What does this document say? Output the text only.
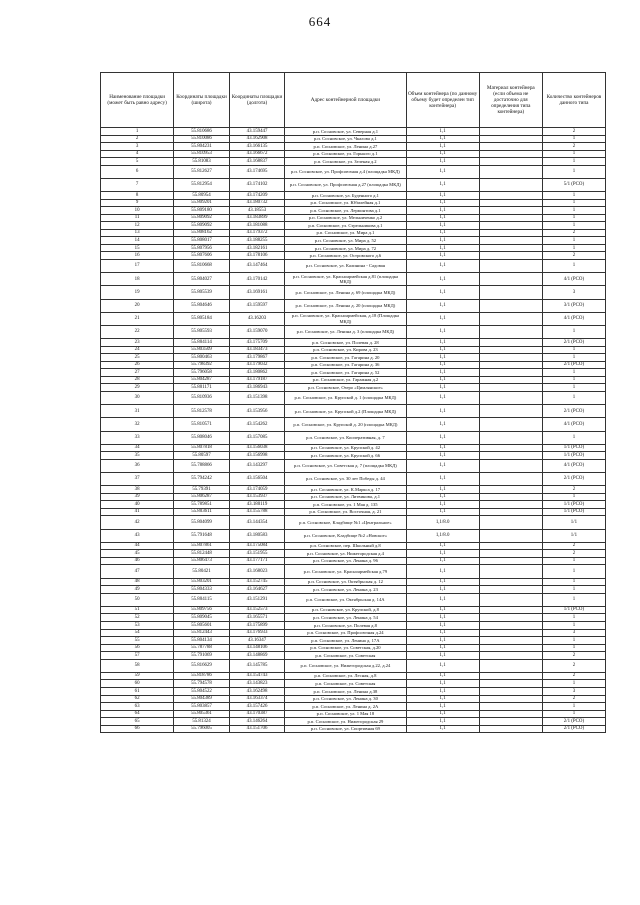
664
Наименование площадки (может быть равно адресу)	Координаты площадки (широта)	Координаты площадки (долгота)	Адрес контейнерной площадки	Объем контейнера (по данному объему будет определен тип контейнера)	Материал контейнера (если объема не достаточно для определения типа контейнера)	Количество контейнеров данного типа
1	55.810686	43.159447	р.п. Сосновское, ул. Северная д.1	1,1		2
2	55.810086	43.162908	р.п. Сосновское, ул. Чкалова д.1	1,1		1
3	55.804231	43.166135	р.п. Сосновское, ул. Ленина д.27	1,1		2
4	55.810953	43.166672	р.п. Сосновское, ул. Горького д.1	1,1		1
5	55.81083	43.168837	р.п. Сосновское, ул. Зеленая д.2	1,1		1
6	55.812627	43.174695	р.п. Сосновское, ул. Профсоюзная д.4 (площадка МКД)	1,1		1
7	55.812954	43.174102	р.п. Сосновское, ул. Профсоюзная д.27 (площадка МКД)	1,1		5/1 (РСО)
8	55.80954	43.174209	р.п. Сосновское, ул. Буденного д.1	1,1		1
9	55.809201	43.180732	р.п. Сосновское, ул. Юбилейная д.1	1,1		1
10	55.809180	43.18553	р.п. Сосновское, ул. Лермонтова д.1	1,1		1
11	55.809092	43.183899	р.п. Сосновское, ул. Мельниченко д.2	1,1		1
12	55.809092	43.181088	р.п. Сосновское, ул. Стрельникова д.1	1,1		1
13	55.808162	43.179372	р.п. Сосновское, ул. Мира д.1	1,1		2
14	55.808017	43.188255	р.п. Сосновское, ул. Мира д. 52	1,1		1
15	55.807956	43.182161	р.п. Сосновское, ул. Мира д. 72	1,1		1
16	55.807606	43.178106	р.п. Сосновское, ул. Островского д.6	1,1		2
17	55.810668	43.147464	р.п. Сосновское, ул. Калинина - Садовая	1,1		1
18	55.804027	43.170142	р.п. Сосновское, ул. Красноармейская д.81 (площадка МКД)	1,1		4/1 (РСО)
19	55.805539	43.169161	р.п. Сосновское, ул. Ленина д. 69 (площадка МКД)	1,1		3
20	55.804646	43.159597	р.п. Сосновское, ул. Ленина д. 20 (площадка МКД)	1,1		3/1 (РСО)
21	55.805184	43.16203	р.п. Сосновское, ул. Красноармейская, д.18 (Площадка МКД)	1,1		4/1 (РСО)
22	55.805593	43.159070	р.п. Сосновское, ул. Ленина д. 3 (площадка МКД)	1,1		1
23	55.804114	43.175709	р.п. Сосновское, ул. Полевая д. 28	1,1		2/1 (РСО)
24	55.803509	43.183473	р.п. Сосновское, ул. Кирова д. 23	1,1		1
25	55.800463	43.179867	р.п. Сосновское, ул. Гагарина д. 20	1,1		1
26	55.798392	43.179032	р.п. Сосновское, ул. Гагарина д. 36	1,1		2/1 (РСО)
27	55.796058	43.180862	р.п. Сосновское, ул. Гагарина д. 52	1,1		1
28	55.804287	43.179187	р.п. Сосновское, ул. Гаражная д.2	1,1		1
29	55.801171	43.186943	р.п. Сосновское, Озеро «Цимлянское»	1,1		1
30	55.810936	43.151398	р.п. Сосновское, ул. Крупской д. 1 (площадка МКД)	1,1		1
31	55.812578	43.153956	р.п. Сосновское, ул. Крупской д.2 (Площадка МКД)	1,1		2/1 (РСО)
32	55.810571	43.154262	р.п. Сосновское, ул. Крупской д. 20 (площадка МКД)	1,1		4/1 (РСО)
33	55.808046	43.157085	р.п. Сосновское, ул. Кооперативная, д. 7	1,1		1
34	55.807818	43.156038	р.п. Сосновское, ул. Крупской д. 42	1,1		1/1 (РСО)
35	55.80597	43.156998	р.п. Сосновское, ул. Крупской д. 66	1,1		1/1 (РСО)
36	55.788866	43.143297	р.п. Сосновское, ул. Советская д. 7 (площадка МКД)	1,1		4/1 (РСО)
37	55.794242	43.156504	р.п. Сосновское, ул. 30 лет Победы д. 44	1,1		2/1 (РСО)
38	55.79391	43.174059	р.п. Сосновское, ул. К.Маркса д. 17	1,1		2
39	55.806287	43.153937	р.п. Сосновское, ул. Литвинова, д.1	1,1		1
40	55.789851	43.180119	р.п. Сосновское, ул. 1 Мая д. 135	1,1		1/1 (РСО)
41	55.803611	43.155788	р.п. Сосновское, ул. Восточная, д. 21	1,1		1/1 (РСО)
42	55.804099	43.144354	р.п. Сосновское, Кладбище №1 «Центральное»	1,1/8.0		1/1
43	55.791648	43.180583	р.п. Сосновское, Кладбище №2 «Новское»	1,1/8.0		1/1
44	55.807861	43.175084	р.п. Сосновское, пер. Школьный д.8	1,1		2
45	55.812448	43.151955	р.п. Сосновское, ул. Нижегородская д.4	1,1		2
46	55.806473	43.177171	р.п. Сосновское, ул. Ленина д. 96	1,1		1
47	55.80421	43.168023	р.п. Сосновское, ул. Красноармейская д.79	1,1		1
48	55.803201	43.152745	р.п. Сосновское, ул. Октябрьская д. 12	1,1		1
49	55.804333	43.164627	р.п. Сосновское, ул. Ленина д. 23	1,1		1
50	55.804115	43.151291	р.п. Сосновское, ул. Октябрьская д. 14А	1,1		1
51	55.809756	43.152573	р.п. Сосновское, ул. Крупской, д.8	1,1		1/1 (РСО)
52	55.809045	43.165571	р.п. Сосновское, ул. Ленина д. 54	1,1		1
53	55.805601	43.175899	р.п. Сосновское, ул. Полевая д.8	1,1		1
54	55.812443	43.176933	р.п. Сосновское, ул. Профсоюзная д.24	1,1		3
55	55.804134	43.16347	р.п. Сосновское, ул. Ленина д. 17А	1,1		1
56	55.787788	43.148106	р.п. Сосновское, ул. Советская, д.20	1,1		1
57	55.791069	43.148869	р.п. Сосновское, ул. Советская	1,1		2
58	55.816629	43.145785	р.п. Сосновское, ул. Нижегородская д.22, д.24	1,1		2
59	55.818786	43.154743	р.п. Сосновское, ул. Лесная, д.8	1,1		2
60	55.794578	43.143823	р.п. Сосновское, ул. Советская	1,1		1
61	55.804522	43.162498	р.п. Сосновское, ул. Ленина д.38	1,1		3
62	55.804389	43.163374	р.п. Сосновское, ул. Ленина д. 30	1,1		2
63	55.803857	43.157426	р.п. Сосновское, ул. Ленина д. 2А	1,1		1
64	55.805361	43.170387	р.п. Сосновское, ул. 1 Мая 18	1,1		1
65	55.81324	43.146264	р.п. Сосновское, ул. Нижегородская 29	1,1		2/1 (РСО)
66	55.796005	43.151706	р.п. Сосновское, ул. Спортивная 69	1,1		2/1 (РСО)
